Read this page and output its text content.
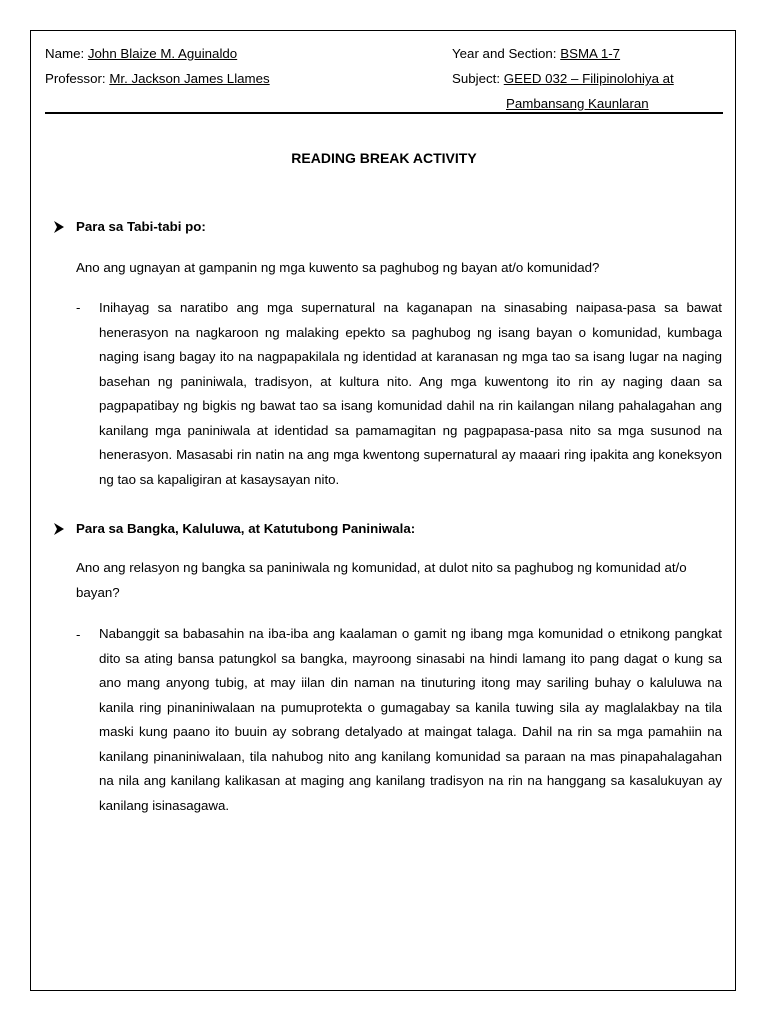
Name: John Blaize M. Aguinaldo
Professor: Mr. Jackson James Llames
Year and Section: BSMA 1-7
Subject: GEED 032 – Filipinolohiya at
Pambansang Kaunlaran
READING BREAK ACTIVITY
Para sa Tabi-tabi po:
Ano ang ugnayan at gampanin ng mga kuwento sa paghubog ng bayan at/o komunidad?
- Inihayag sa naratibo ang mga supernatural na kaganapan na sinasabing naipasa-pasa sa bawat henerasyon na nagkaroon ng malaking epekto sa paghubog ng isang bayan o komunidad, kumbaga naging isang bagay ito na nagpapakilala ng identidad at karanasan ng mga tao sa isang lugar na naging basehan ng paniniwala, tradisyon, at kultura nito. Ang mga kuwentong ito rin ay naging daan sa pagpapatibay ng bigkis ng bawat tao sa isang komunidad dahil na rin kailangan nilang pahalagahan ang kanilang mga paniniwala at identidad sa pamamagitan ng pagpapasa-pasa nito sa mga susunod na henerasyon. Masasabi rin natin na ang mga kwentong supernatural ay maaari ring ipakita ang koneksyon ng tao sa kapaligiran at kasaysayan nito.
Para sa Bangka, Kaluluwa, at Katutubong Paniniwala:
Ano ang relasyon ng bangka sa paniniwala ng komunidad, at dulot nito sa paghubog ng komunidad at/o bayan?
- Nabanggit sa babasahin na iba-iba ang kaalaman o gamit ng ibang mga komunidad o etnikong pangkat dito sa ating bansa patungkol sa bangka, mayroong sinasabi na hindi lamang ito pang dagat o kung sa ano mang anyong tubig, at may iilan din naman na tinuturing itong may sariling buhay o kaluluwa na kanila ring pinaniniwalaan na pumuprotekta o gumagabay sa kanila tuwing sila ay maglalakbay na tila maski kung paano ito buuin ay sobrang detalyado at maingat talaga. Dahil na rin sa mga pamahiin na kanilang pinaniniwalaan, tila nahubog nito ang kanilang komunidad sa paraan na mas pinapahalagahan na nila ang kanilang kalikasan at maging ang kanilang tradisyon na rin na hanggang sa kasalukuyan ay kanilang isinasagawa.
